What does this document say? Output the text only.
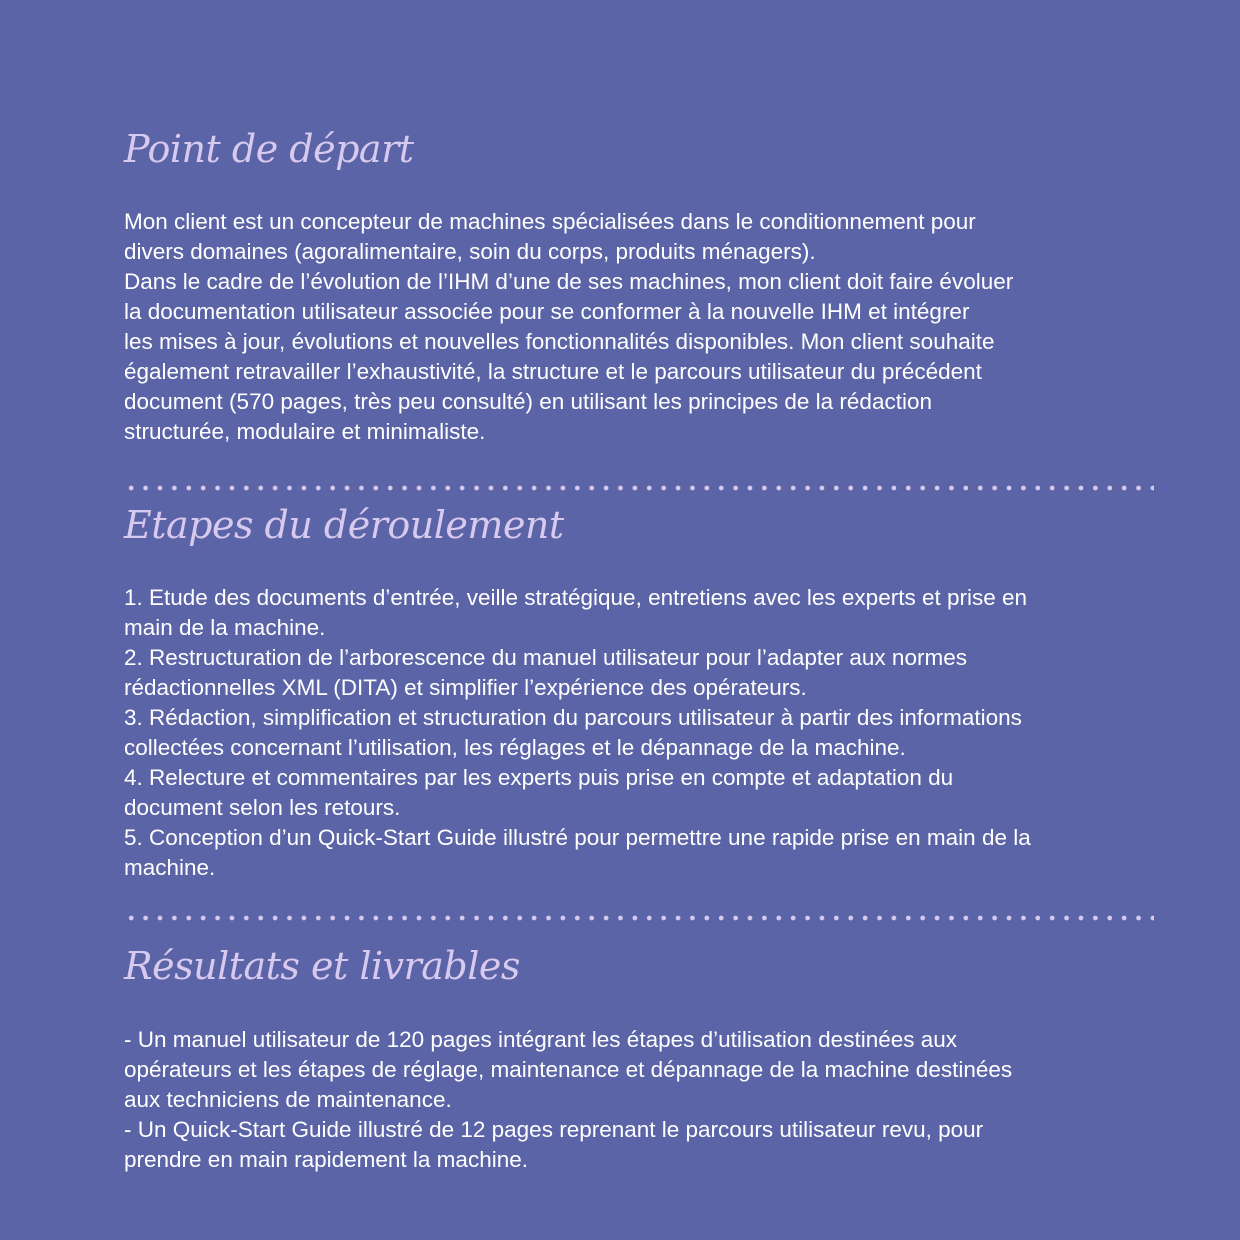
Point de départ

Mon client est un concepteur de machines spécialisées dans le conditionnement pour

divers domaines (agoralimentaire, soin du corps, produits ménagers).

Dans le cadre de l’évolution de l’IHM d’une de ses machines, mon client doit faire évoluer

la documentation utilisateur associée pour se conformer à la nouvelle IHM et intégrer

les mises à jour, évolutions et nouvelles fonctionnalités disponibles. Mon client souhaite

également retravailler l’exhaustivité, la structure et le parcours utilisateur du précédent

document (570 pages, très peu consulté) en utilisant les principes de la rédaction

structurée, modulaire et minimaliste.

Etapes du déroulement

1. Etude des documents d’entrée, veille stratégique, entretiens avec les experts et prise en

main de la machine.

2. Restructuration de l’arborescence du manuel utilisateur pour l’adapter aux normes

rédactionnelles XML (DITA) et simplifier l’expérience des opérateurs.

3. Rédaction, simplification et structuration du parcours utilisateur à partir des informations

collectées concernant l’utilisation, les réglages et le dépannage de la machine.

4. Relecture et commentaires par les experts puis prise en compte et adaptation du

document selon les retours.

5. Conception d’un Quick-Start Guide illustré pour permettre une rapide prise en main de la

machine.

Résultats et livrables

- Un manuel utilisateur de 120 pages intégrant les étapes d’utilisation destinées aux

opérateurs et les étapes de réglage, maintenance et dépannage de la machine destinées

aux techniciens de maintenance.

- Un Quick-Start Guide illustré de 12 pages reprenant le parcours utilisateur revu, pour

prendre en main rapidement la machine.
